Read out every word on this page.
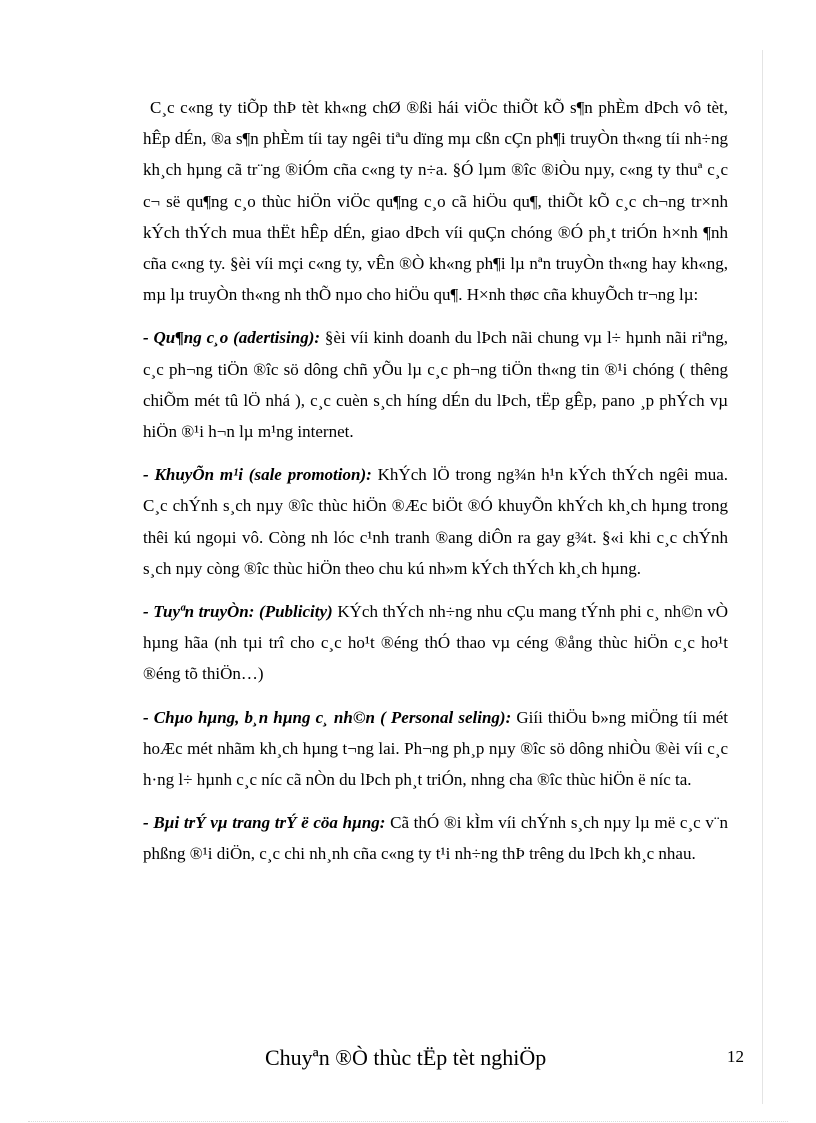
C¸c c«ng ty tiÕp thÞ tèt kh«ng chØ ®ßi hái viÖc thiÕt kÕ s¶n phÈm dÞch vô tèt, hÊp dÉn, ®a s¶n phÈm tíi tay ngêi tiªu dïng mµ cßn cÇn ph¶i truyÒn th«ng tíi nh÷ng kh¸ch hµng cã tr¨ng ®iÓm cña c«ng ty n÷a. §Ó lµm ®îc ®iÒu nµy, c«ng ty thuª c¸c c¬ së qu¶ng c¸o thùc hiÖn viÖc qu¶ng c¸o cã hiÖu qu¶, thiÕt kÕ c¸c ch¬ng tr×nh kÝch thÝch mua thËt hÊp dÉn, giao dÞch víi quÇn chóng ®Ó ph¸t triÓn h×nh ¶nh cña c«ng ty. §èi víi mçi c«ng ty, vÊn ®Ò kh«ng ph¶i lµ nªn truyÒn th«ng hay kh«ng, mµ lµ truyÒn th«ng nh thÕ nµo cho hiÖu qu¶. H×nh thøc cña khuyÕch tr¬ng lµ:

- Qu¶ng c¸o (adertising): §èi víi kinh doanh du lÞch nãi chung vµ l÷ hµnh nãi riªng, c¸c ph¬ng tiÖn ®îc sö dông chñ yÕu lµ c¸c ph¬ng tiÖn th«ng tin ®¹i chóng ( thêng chiÕm mét tû lÖ nhá ), c¸c cuèn s¸ch híng dÉn du lÞch, tËp gÊp, pano ¸p phÝch vµ hiÖn ®¹i h¬n lµ m¹ng internet.

- KhuyÕn m¹i (sale promotion): KhÝch lÖ trong ng¾n h¹n kÝch thÝch ngêi mua. C¸c chÝnh s¸ch nµy ®îc thùc hiÖn ®Æc biÖt ®Ó khuyÕn khÝch kh¸ch hµng trong thêi kú ngoµi vô. Còng nh lóc c¹nh tranh ®ang diÔn ra gay g¾t. §«i khi c¸c chÝnh s¸ch nµy còng ®îc thùc hiÖn theo chu kú nh»m kÝch thÝch kh¸ch hµng.

- Tuyªn truyÒn: (Publicity) KÝch thÝch nh÷ng nhu cÇu mang tÝnh phi c¸ nh©n vÒ hµng hãa (nh tµi trî cho c¸c ho¹t ®éng thÓ thao vµ céng ®ång thùc hiÖn c¸c ho¹t ®éng tõ thiÖn…)

- Chµo hµng, b¸n hµng c¸ nh©n ( Personal seling): Giíi thiÖu b»ng miÖng tíi mét hoÆc mét nhãm kh¸ch hµng t¬ng lai. Ph¬ng ph¸p nµy ®îc sö dông nhiÒu ®èi víi c¸c h·ng l÷ hµnh c¸c níc cã nÒn du lÞch ph¸t triÓn, nhng cha ®îc thùc hiÖn ë níc ta.

- Bµi trÝ vµ trang trÝ ë cöa hµng: Cã thÓ ®i kÌm víi chÝnh s¸ch nµy lµ më c¸c v¨n phßng ®¹i diÖn, c¸c chi nh¸nh cña c«ng ty t¹i nh÷ng thÞ trêng du lÞch kh¸c nhau.

Chuyªn ®Ò thùc tËp tèt nghiÖp	12
